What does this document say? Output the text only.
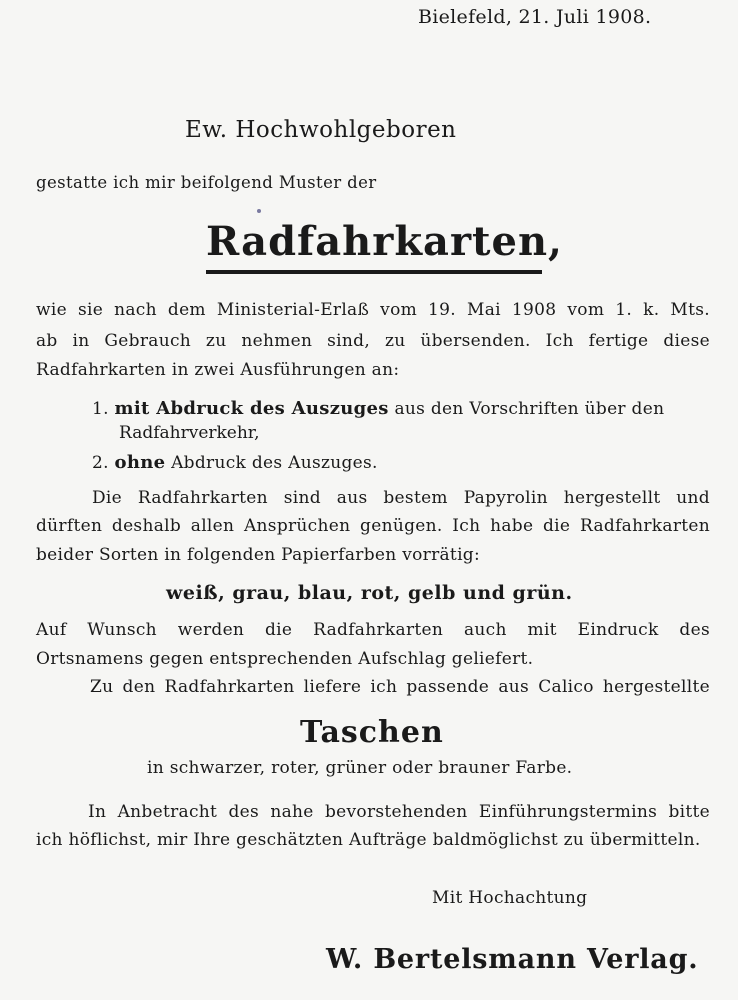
Bielefeld, 21. Juli 1908.
Ew. Hochwohlgeboren
gestatte ich mir beifolgend Muster der
Radfahrkarten,
wie sie nach dem Ministerial-Erlaß vom 19. Mai 1908 vom 1. k. Mts.
ab in Gebrauch zu nehmen sind, zu übersenden. Ich fertige diese
Radfahrkarten in zwei Ausführungen an:
1. mit Abdruck des Auszuges aus den Vorschriften über den
Radfahrverkehr,
2. ohne Abdruck des Auszuges.
Die Radfahrkarten sind aus bestem Papyrolin hergestellt und
dürften deshalb allen Ansprüchen genügen. Ich habe die Radfahrkarten
beider Sorten in folgenden Papierfarben vorrätig:
weiß, grau, blau, rot, gelb und grün.
Auf Wunsch werden die Radfahrkarten auch mit Eindruck des
Ortsnamens gegen entsprechenden Aufschlag geliefert.
Zu den Radfahrkarten liefere ich passende aus Calico hergestellte
Taschen
in schwarzer, roter, grüner oder brauner Farbe.
In Anbetracht des nahe bevorstehenden Einführungstermins bitte
ich höflichst, mir Ihre geschätzten Aufträge baldmöglichst zu übermitteln.
Mit Hochachtung
W. Bertelsmann Verlag.
